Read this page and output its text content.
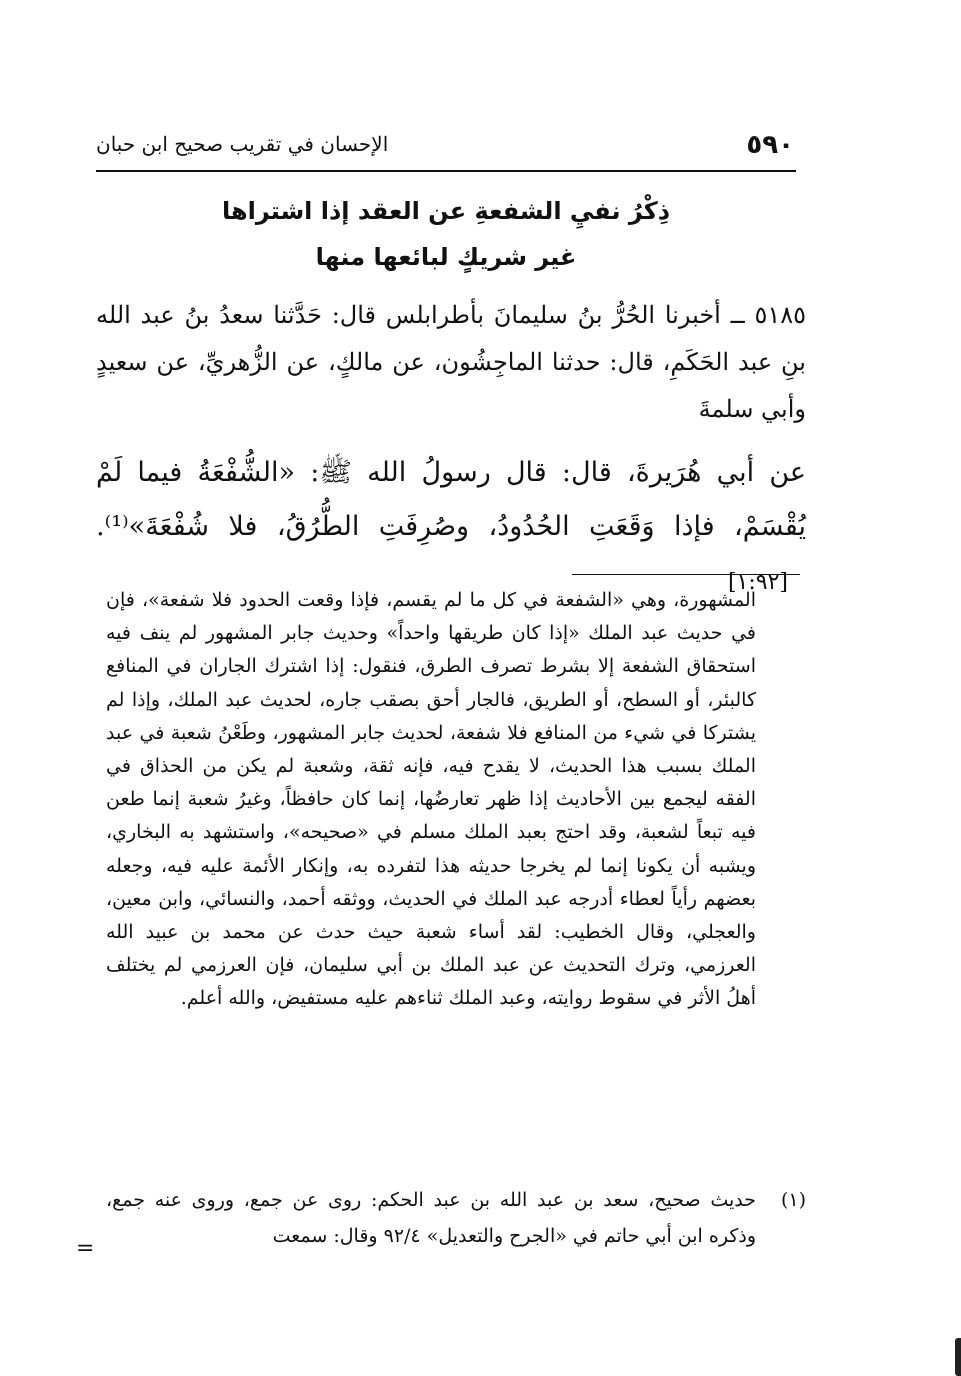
٥٩٠
الإحسان في تقريب صحيح ابن حبان
ذِكْرُ نفيِ الشفعةِ عن العقد إذا اشتراها
غير شريكٍ لبائعها منها
٥١٨٥ ــ أخبرنا الحُرُّ بنُ سليمانَ بأطرابلس قال: حَدَّثنا سعدُ بنُ عبد الله بنِ عبد الحَكَمِ، قال: حدثنا الماجِشُون، عن مالكٍ، عن الزُّهريِّ، عن سعيدٍ وأبي سلمةَ
عن أبي هُرَيرةَ، قال: قال رسولُ الله ﷺ: «الشُّفْعَةُ فيما لَمْ يُقْسَمْ، فإذا وَقَعَتِ الحُدُودُ، وصُرِفَتِ الطُّرُقُ، فلا شُفْعَةَ»⁽¹⁾.[١:٩٢]
المشهورة، وهي «الشفعة في كل ما لم يقسم، فإذا وقعت الحدود فلا شفعة»، فإن في حديث عبد الملك «إذا كان طريقها واحداً» وحديث جابر المشهور لم ينف فيه استحقاق الشفعة إلا بشرط تصرف الطرق، فنقول: إذا اشترك الجاران في المنافع كالبئر، أو السطح، أو الطريق، فالجار أحق بصقب جاره، لحديث عبد الملك، وإذا لم يشتركا في شيء من المنافع فلا شفعة، لحديث جابر المشهور، وطَعْنُ شعبة في عبد الملك بسبب هذا الحديث، لا يقدح فيه، فإنه ثقة، وشعبة لم يكن من الحذاق في الفقه ليجمع بين الأحاديث إذا ظهر تعارضُها، إنما كان حافظاً، وغيرُ شعبة إنما طعن فيه تبعاً لشعبة، وقد احتج بعبد الملك مسلم في «صحيحه»، واستشهد به البخاري، ويشبه أن يكونا إنما لم يخرجا حديثه هذا لتفرده به، وإنكار الأئمة عليه فيه، وجعله بعضهم رأياً لعطاء أدرجه عبد الملك في الحديث، ووثقه أحمد، والنسائي، وابن معين، والعجلي، وقال الخطيب: لقد أساء شعبة حيث حدث عن محمد بن عبيد الله العرزمي، وترك التحديث عن عبد الملك بن أبي سليمان، فإن العرزمي لم يختلف أهلُ الأثر في سقوط روايته، وعبد الملك ثناءهم عليه مستفيض، والله أعلم.
(١)
حديث صحيح، سعد بن عبد الله بن عبد الحكم: روى عن جمع، وروى عنه جمع، وذكره ابن أبي حاتم في «الجرح والتعديل» ٩٢/٤ وقال: سمعت
=
